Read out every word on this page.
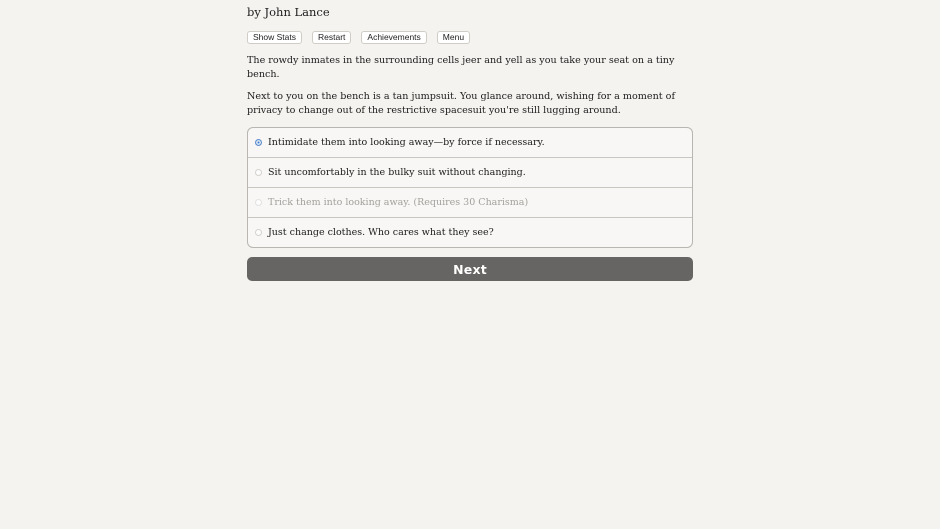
by John Lance
Show Stats	Restart	Achievements	Menu

The rowdy inmates in the surrounding cells jeer and yell as you take your seat on a tiny bench.

Next to you on the bench is a tan jumpsuit. You glance around, wishing for a moment of privacy to change out of the restrictive spacesuit you're still lugging around.

Intimidate them into looking away—by force if necessary.
Sit uncomfortably in the bulky suit without changing.
Trick them into looking away. (Requires 30 Charisma)
Just change clothes. Who cares what they see?
Next
